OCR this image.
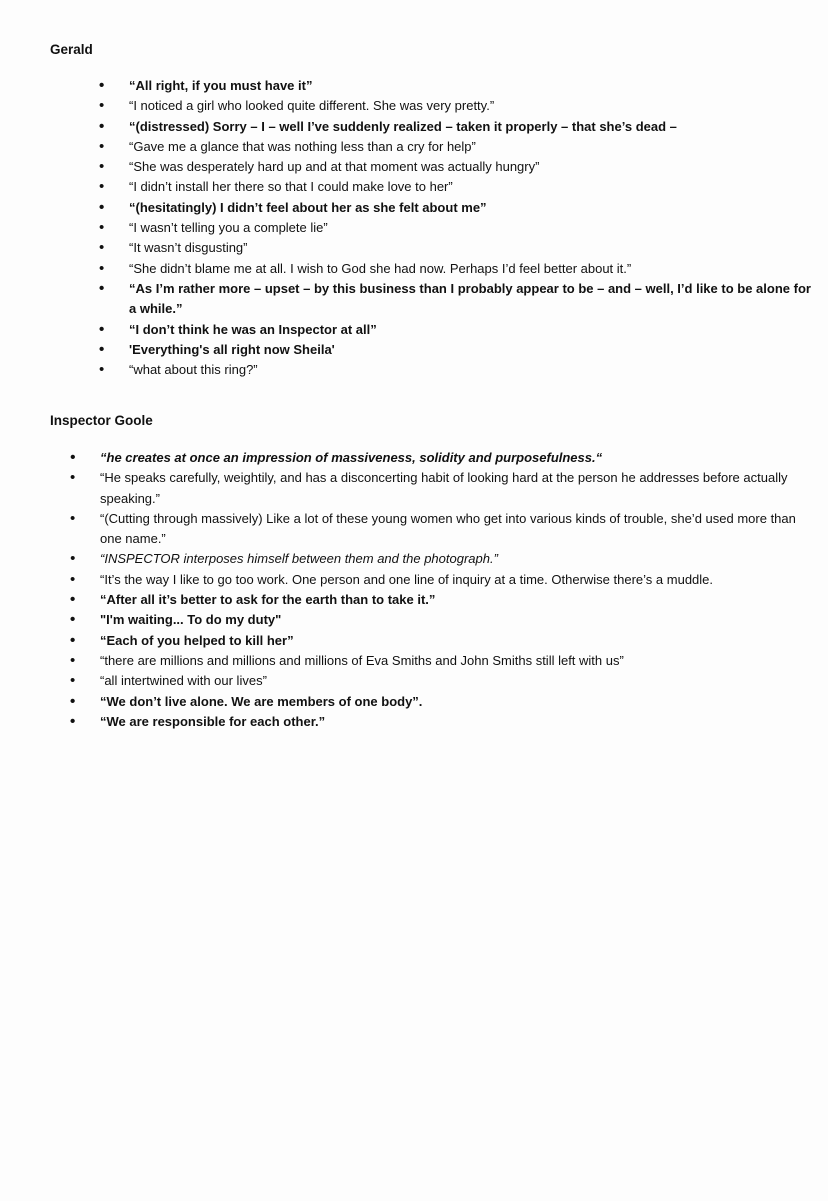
Gerald
• “All right, if you must have it”
• “I noticed a girl who looked quite different. She was very pretty.”
• “(distressed) Sorry – I – well I’ve suddenly realized – taken it properly – that she’s dead –
• “Gave me a glance that was nothing less than a cry for help”
• “She was desperately hard up and at that moment was actually hungry”
• “I didn’t install her there so that I could make love to her”
• “(hesitatingly) I didn’t feel about her as she felt about me”
• “I wasn’t telling you a complete lie”
• “It wasn’t disgusting”
• “She didn’t blame me at all. I wish to God she had now. Perhaps I’d feel better about it.”
• “As I’m rather more – upset – by this business than I probably appear to be – and – well, I’d like to be alone for a while.”
• “I don’t think he was an Inspector at all”
• 'Everything's all right now Sheila'
• “what about this ring?”
Inspector Goole
• “he creates at once an impression of massiveness, solidity and purposefulness.“
• “He speaks carefully, weightily, and has a disconcerting habit of looking hard at the person he addresses before actually speaking.”
• “(Cutting through massively) Like a lot of these young women who get into various kinds of trouble, she’d used more than one name.”
• “INSPECTOR interposes himself between them and the photograph.”
• “It’s the way I like to go too work. One person and one line of inquiry at a time. Otherwise there’s a muddle.
• “After all it’s better to ask for the earth than to take it.”
• "I'm waiting... To do my duty"
• “Each of you helped to kill her”
• “there are millions and millions and millions of Eva Smiths and John Smiths still left with us”
• “all intertwined with our lives”
• “We don’t live alone. We are members of one body”.
• “We are responsible for each other.”
